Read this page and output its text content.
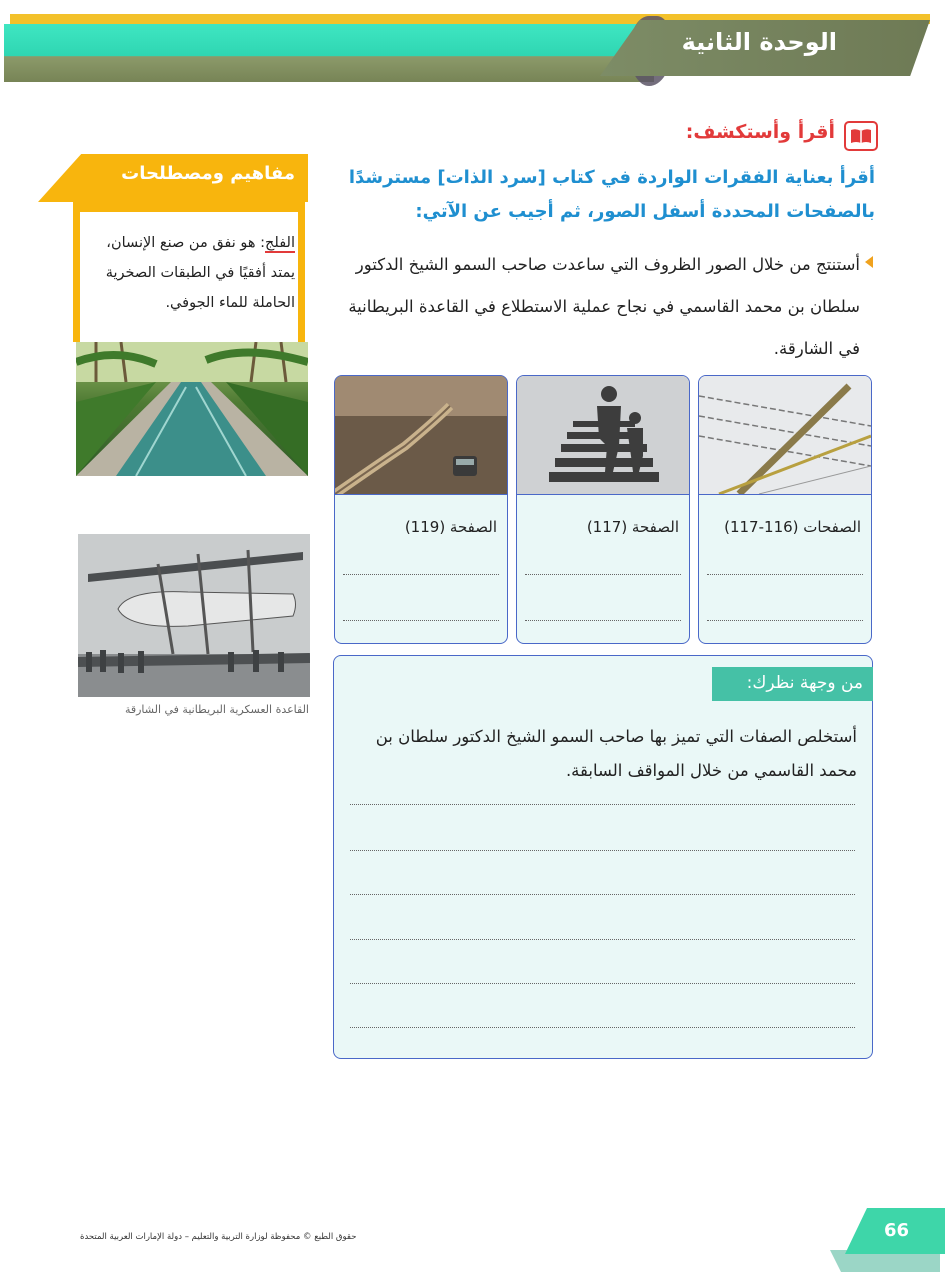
الوحدة الثانية
أقرأ وأستكشف:
أقرأ بعناية الفقرات الواردة في كتاب [سرد الذات] مسترشدًا بالصفحات المحددة أسفل الصور، ثم أجيب عن الآتي:
أستنتج من خلال الصور الظروف التي ساعدت صاحب السمو الشيخ الدكتور سلطان بن محمد القاسمي في نجاح عملية الاستطلاع في القاعدة البريطانية في الشارقة.
مفاهيم ومصطلحات
الفلج: هو نفق من صنع الإنسان، يمتد أفقيًا في الطبقات الصخرية الحاملة للماء الجوفي.
القاعدة العسكرية البريطانية في الشارقة
الصفحات (116-117)
الصفحة (117)
الصفحة (119)
من وجهة نظرك:
أستخلص الصفات التي تميز بها صاحب السمو الشيخ الدكتور سلطان بن محمد القاسمي من خلال المواقف السابقة.
حقوق الطبع © محفوظة لوزارة التربية والتعليم – دولة الإمارات العربية المتحدة	66
